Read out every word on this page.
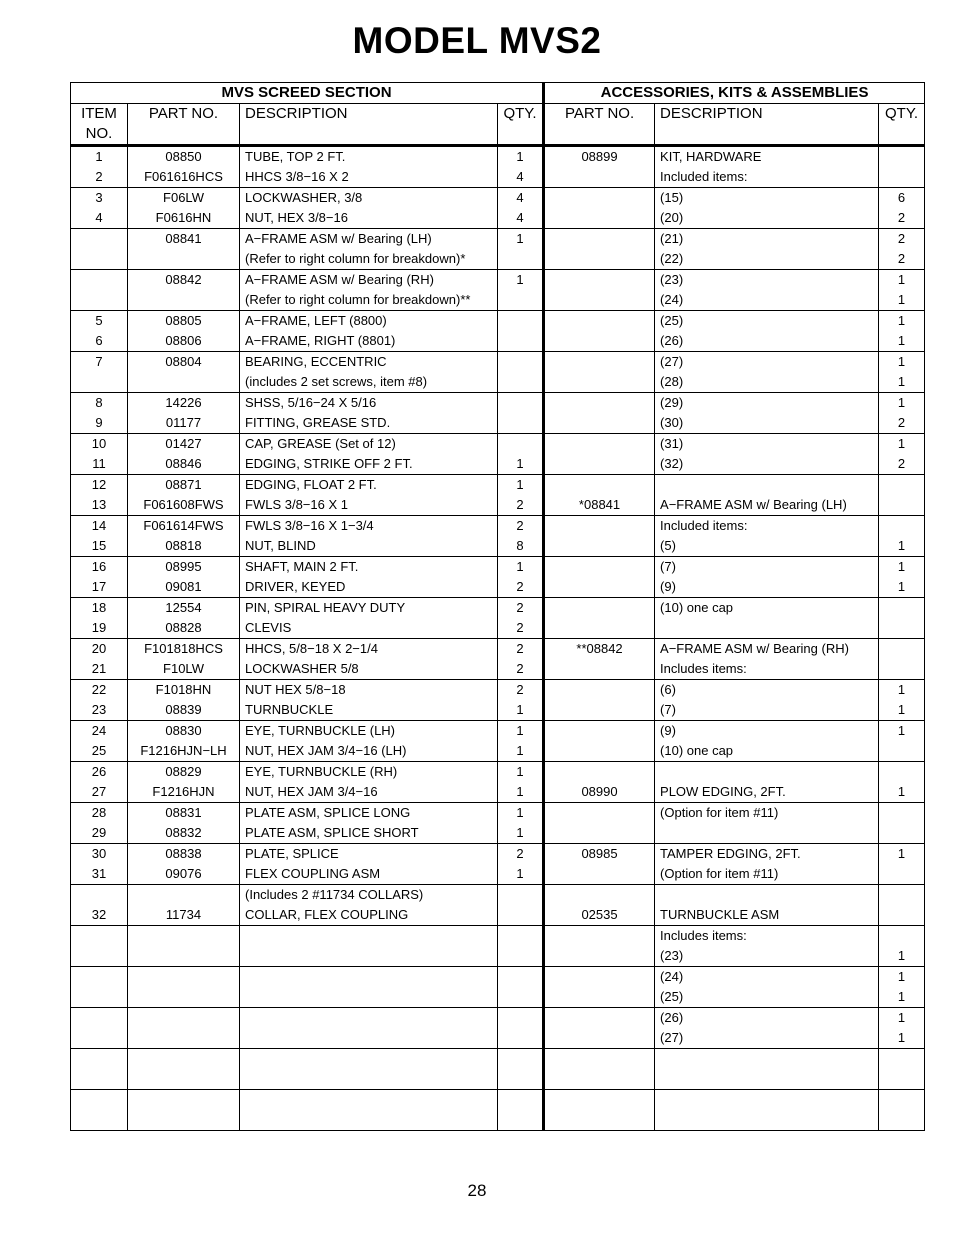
MODEL MVS2
MVS SCREED SECTION				ACCESSORIES, KITS & ASSEMBLIES		
ITEM NO.	PART NO.	DESCRIPTION	QTY.	PART NO.	DESCRIPTION	QTY.
1	08850	TUBE, TOP 2 FT.	1	08899	KIT, HARDWARE	
2	F061616HCS	HHCS 3/8−16 X 2	4		Included items:	
3	F06LW	LOCKWASHER, 3/8	4		(15)	6
4	F0616HN	NUT, HEX 3/8−16	4		(20)	2
	08841	A−FRAME ASM w/ Bearing (LH)	1		(21)	2
		(Refer to right column for breakdown)*			(22)	2
	08842	A−FRAME ASM w/ Bearing (RH)	1		(23)	1
		(Refer to right column for breakdown)**			(24)	1
5	08805	A−FRAME, LEFT (8800)			(25)	1
6	08806	A−FRAME, RIGHT (8801)			(26)	1
7	08804	BEARING, ECCENTRIC			(27)	1
		(includes 2 set screws, item #8)			(28)	1
8	14226	SHSS, 5/16−24 X 5/16			(29)	1
9	01177	FITTING, GREASE STD.			(30)	2
10	01427	CAP, GREASE (Set of 12)			(31)	1
11	08846	EDGING, STRIKE OFF 2 FT.	1		(32)	2
12	08871	EDGING, FLOAT 2 FT.	1			
13	F061608FWS	FWLS 3/8−16 X 1	2	*08841	A−FRAME ASM w/ Bearing (LH)	
14	F061614FWS	FWLS 3/8−16 X 1−3/4	2		Included items:	
15	08818	NUT, BLIND	8		(5)	1
16	08995	SHAFT, MAIN 2 FT.	1		(7)	1
17	09081	DRIVER, KEYED	2		(9)	1
18	12554	PIN, SPIRAL HEAVY DUTY	2		(10) one cap	
19	08828	CLEVIS	2			
20	F101818HCS	HHCS, 5/8−18 X 2−1/4	2	**08842	A−FRAME ASM w/ Bearing (RH)	
21	F10LW	LOCKWASHER 5/8	2		Includes items:	
22	F1018HN	NUT HEX 5/8−18	2		(6)	1
23	08839	TURNBUCKLE	1		(7)	1
24	08830	EYE, TURNBUCKLE (LH)	1		(9)	1
25	F1216HJN−LH	NUT, HEX JAM 3/4−16 (LH)	1		(10) one cap	
26	08829	EYE, TURNBUCKLE (RH)	1			
27	F1216HJN	NUT, HEX JAM 3/4−16	1	08990	PLOW EDGING, 2FT.	1
28	08831	PLATE ASM, SPLICE LONG	1		(Option for item #11)	
29	08832	PLATE ASM, SPLICE SHORT	1			
30	08838	PLATE, SPLICE	2	08985	TAMPER EDGING, 2FT.	1
31	09076	FLEX COUPLING ASM	1		(Option for item #11)	
		(Includes 2 #11734 COLLARS)				
32	11734	COLLAR, FLEX COUPLING		02535	TURNBUCKLE ASM	
					Includes items:	
					(23)	1
					(24)	1
					(25)	1
					(26)	1
					(27)	1

28
